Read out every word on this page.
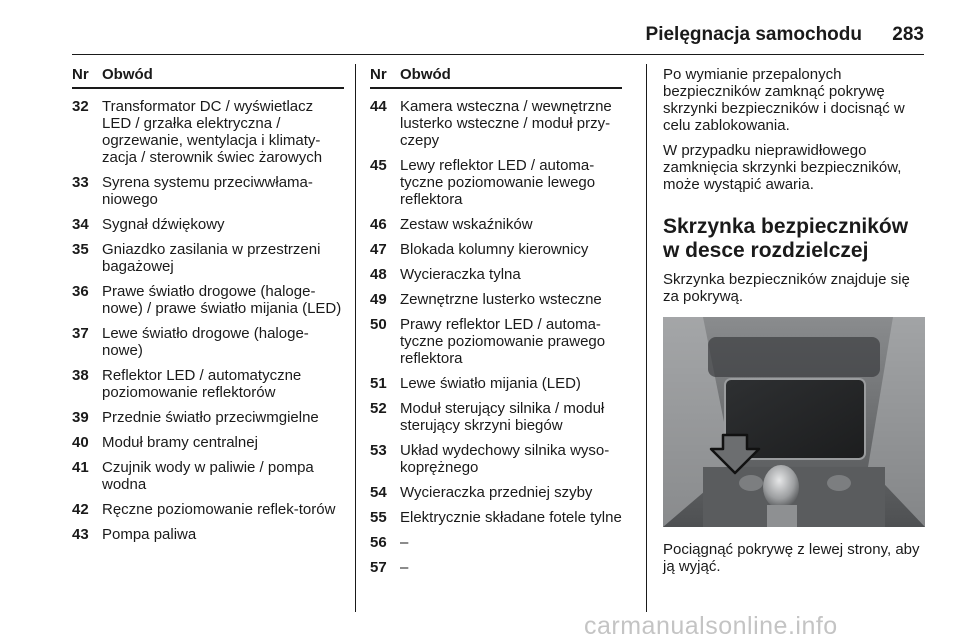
Pielęgnacja samochodu 283
Nr Obwód
32 Transformator DC / wyświetlacz LED / grzałka elektryczna / ogrzewanie, wentylacja i klimaty-zacja / sterownik świec żarowych
33 Syrena systemu przeciwwłama-niowego
34 Sygnał dźwiękowy
35 Gniazdko zasilania w przestrzeni bagażowej
36 Prawe światło drogowe (haloge-nowe) / prawe światło mijania (LED)
37 Lewe światło drogowe (haloge-nowe)
38 Reflektor LED / automatyczne poziomowanie reflektorów
39 Przednie światło przeciwmgielne
40 Moduł bramy centralnej
41 Czujnik wody w paliwie / pompa wodna
42 Ręczne poziomowanie reflek-torów
43 Pompa paliwa
Nr Obwód
44 Kamera wsteczna / wewnętrzne lusterko wsteczne / moduł przy-czepy
45 Lewy reflektor LED / automa-tyczne poziomowanie lewego reflektora
46 Zestaw wskaźników
47 Blokada kolumny kierownicy
48 Wycieraczka tylna
49 Zewnętrzne lusterko wsteczne
50 Prawy reflektor LED / automa-tyczne poziomowanie prawego reflektora
51 Lewe światło mijania (LED)
52 Moduł sterujący silnika / moduł sterujący skrzyni biegów
53 Układ wydechowy silnika wyso-koprężnego
54 Wycieraczka przedniej szyby
55 Elektrycznie składane fotele tylne
56 –
57 –

Po wymianie przepalonych bezpieczników zamknąć pokrywę skrzynki bezpieczników i docisnąć w celu zablokowania.

W przypadku nieprawidłowego zamknięcia skrzynki bezpieczników, może wystąpić awaria.

Skrzynka bezpieczników w desce rozdzielczej

Skrzynka bezpieczników znajduje się za pokrywą.

Pociągnąć pokrywę z lewej strony, aby ją wyjąć.

carmanualsonline.info
